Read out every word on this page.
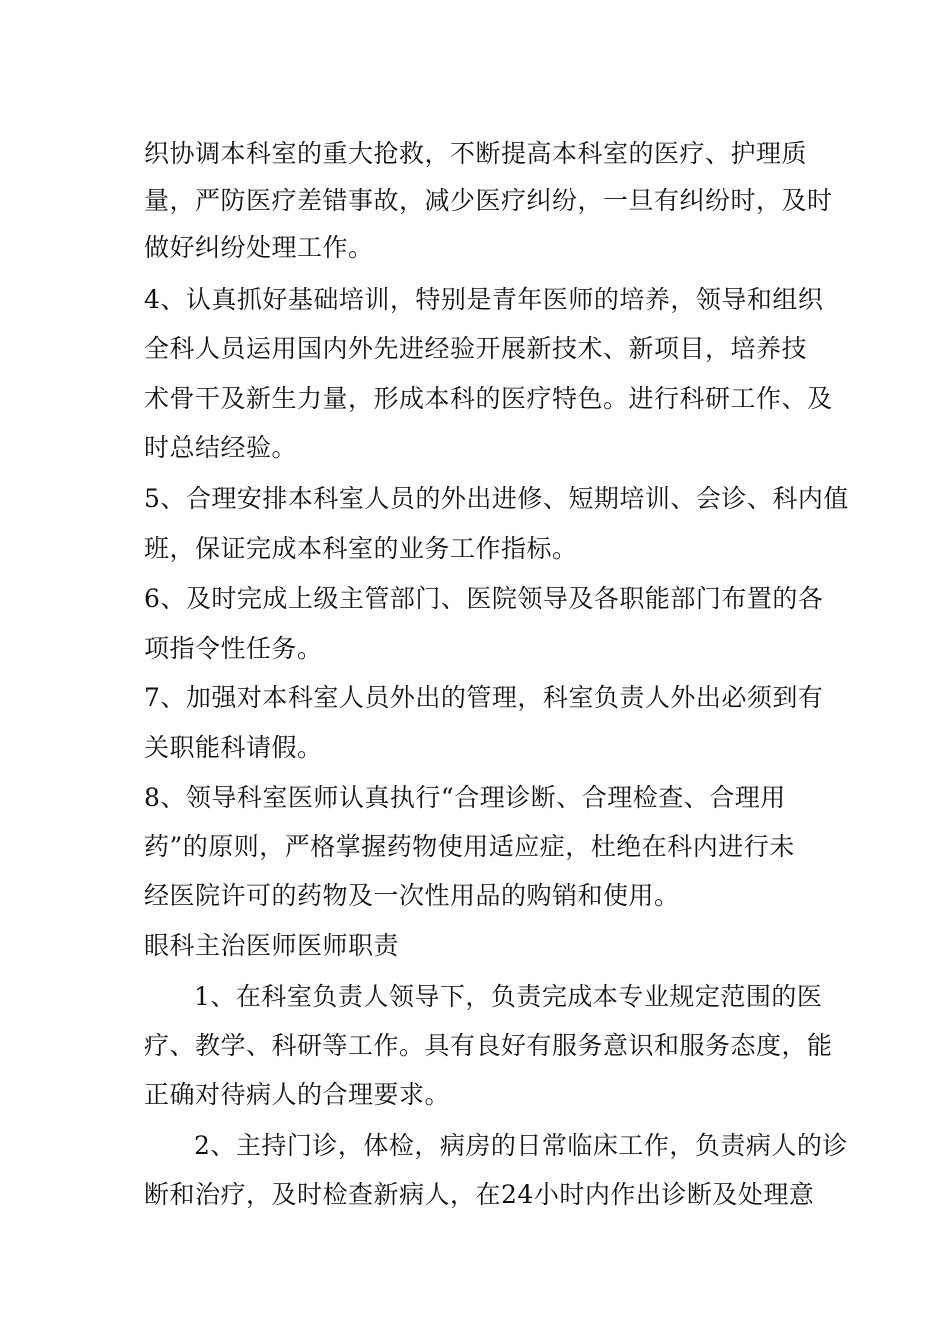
织协调本科室的重大抢救，不断提高本科室的医疗、护理质
量，严防医疗差错事故，减少医疗纠纷，一旦有纠纷时，及时
做好纠纷处理工作。
4、认真抓好基础培训，特别是青年医师的培养，领导和组织
全科人员运用国内外先进经验开展新技术、新项目，培养技
术骨干及新生力量，形成本科的医疗特色。进行科研工作、及
时总结经验。
5、合理安排本科室人员的外出进修、短期培训、会诊、科内值
班，保证完成本科室的业务工作指标。
6、及时完成上级主管部门、医院领导及各职能部门布置的各
项指令性任务。
7、加强对本科室人员外出的管理，科室负责人外出必须到有
关职能科请假。
8、领导科室医师认真执行“合理诊断、合理检查、合理用
药”的原则，严格掌握药物使用适应症，杜绝在科内进行未
经医院许可的药物及一次性用品的购销和使用。
眼科主治医师医师职责
1、在科室负责人领导下，负责完成本专业规定范围的医
疗、教学、科研等工作。具有良好有服务意识和服务态度，能
正确对待病人的合理要求。
2、主持门诊，体检，病房的日常临床工作，负责病人的诊
断和治疗，及时检查新病人，在24小时内作出诊断及处理意
